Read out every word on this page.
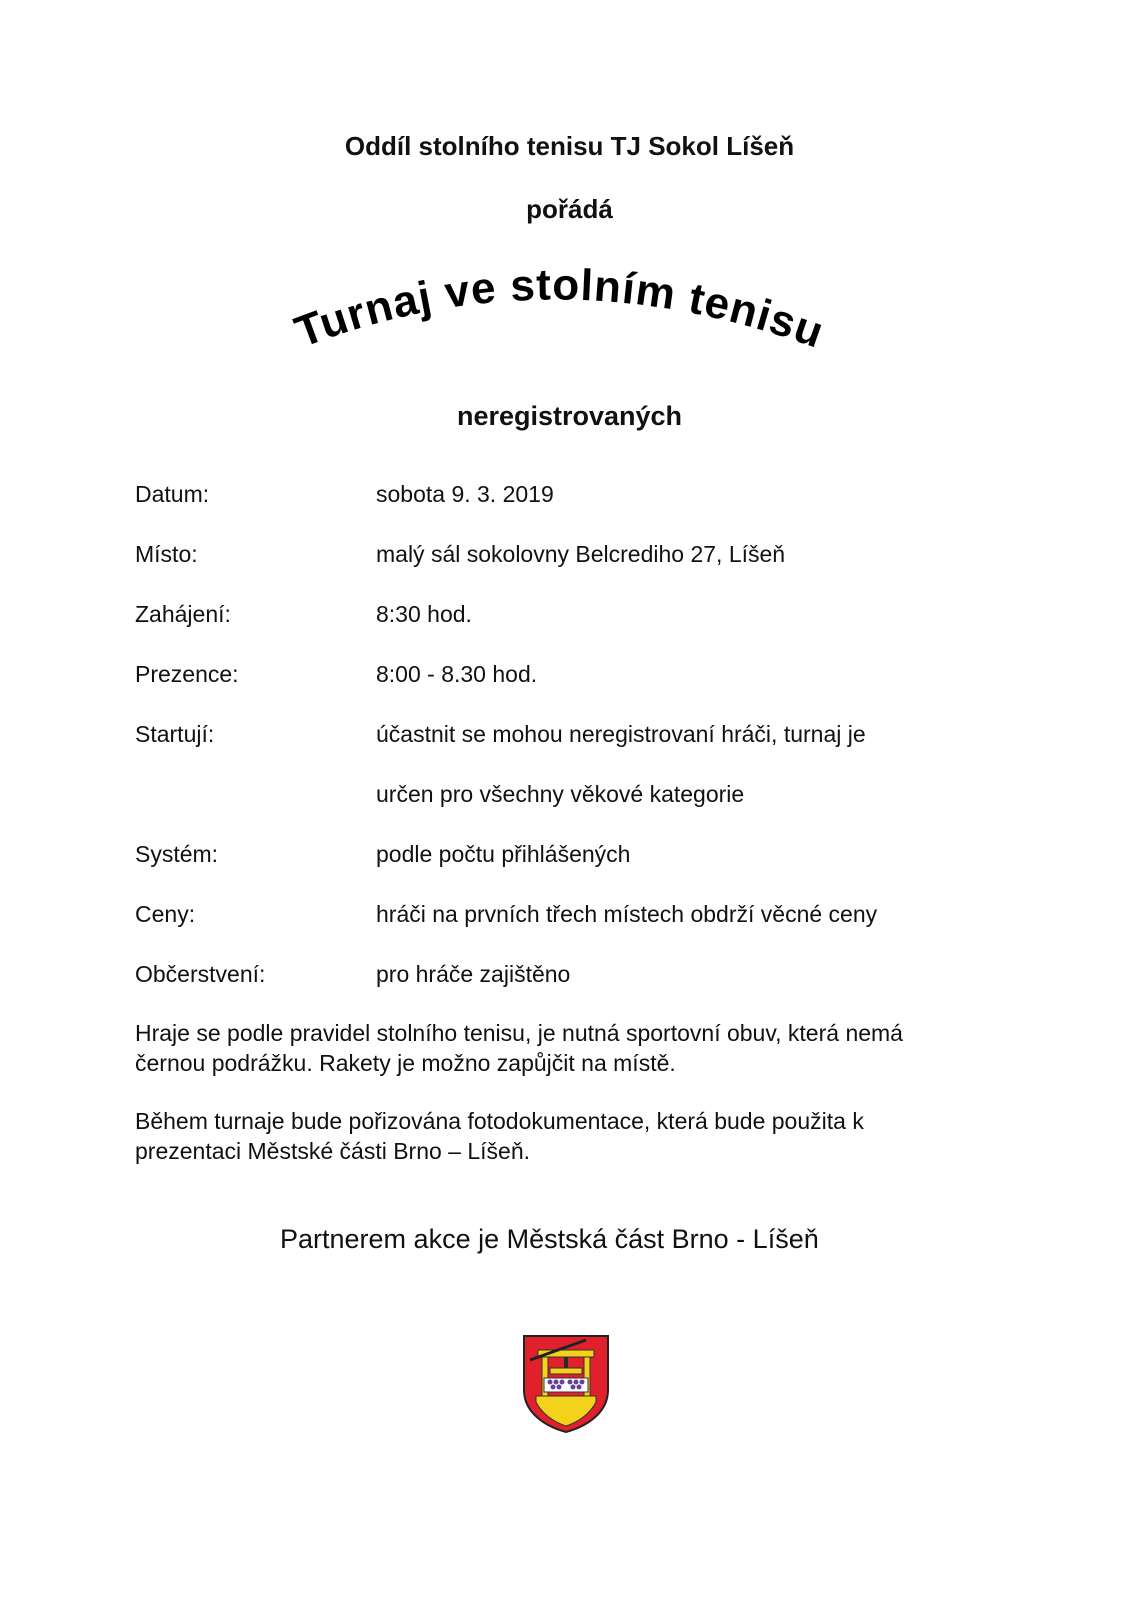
Oddíl stolního tenisu TJ Sokol Líšeň
pořádá
Turnaj ve stolním tenisu
neregistrovaných
Datum:	sobota 9. 3. 2019
Místo:	malý sál sokolovny Belcrediho 27, Líšeň
Zahájení:	8:30 hod.
Prezence:	8:00 - 8.30 hod.
Startují:	účastnit se mohou neregistrovaní hráči, turnaj je
určen pro všechny věkové kategorie
Systém:	podle počtu přihlášených
Ceny:	hráči na prvních třech místech obdrží věcné ceny
Občerstvení:	pro hráče zajištěno
Hraje se podle pravidel stolního tenisu, je nutná sportovní obuv, která nemá černou podrážku. Rakety je možno zapůjčit na místě.
Během turnaje bude pořizována fotodokumentace, která bude použita k prezentaci Městské části Brno – Líšeň.
Partnerem akce je Městská část Brno - Líšeň
